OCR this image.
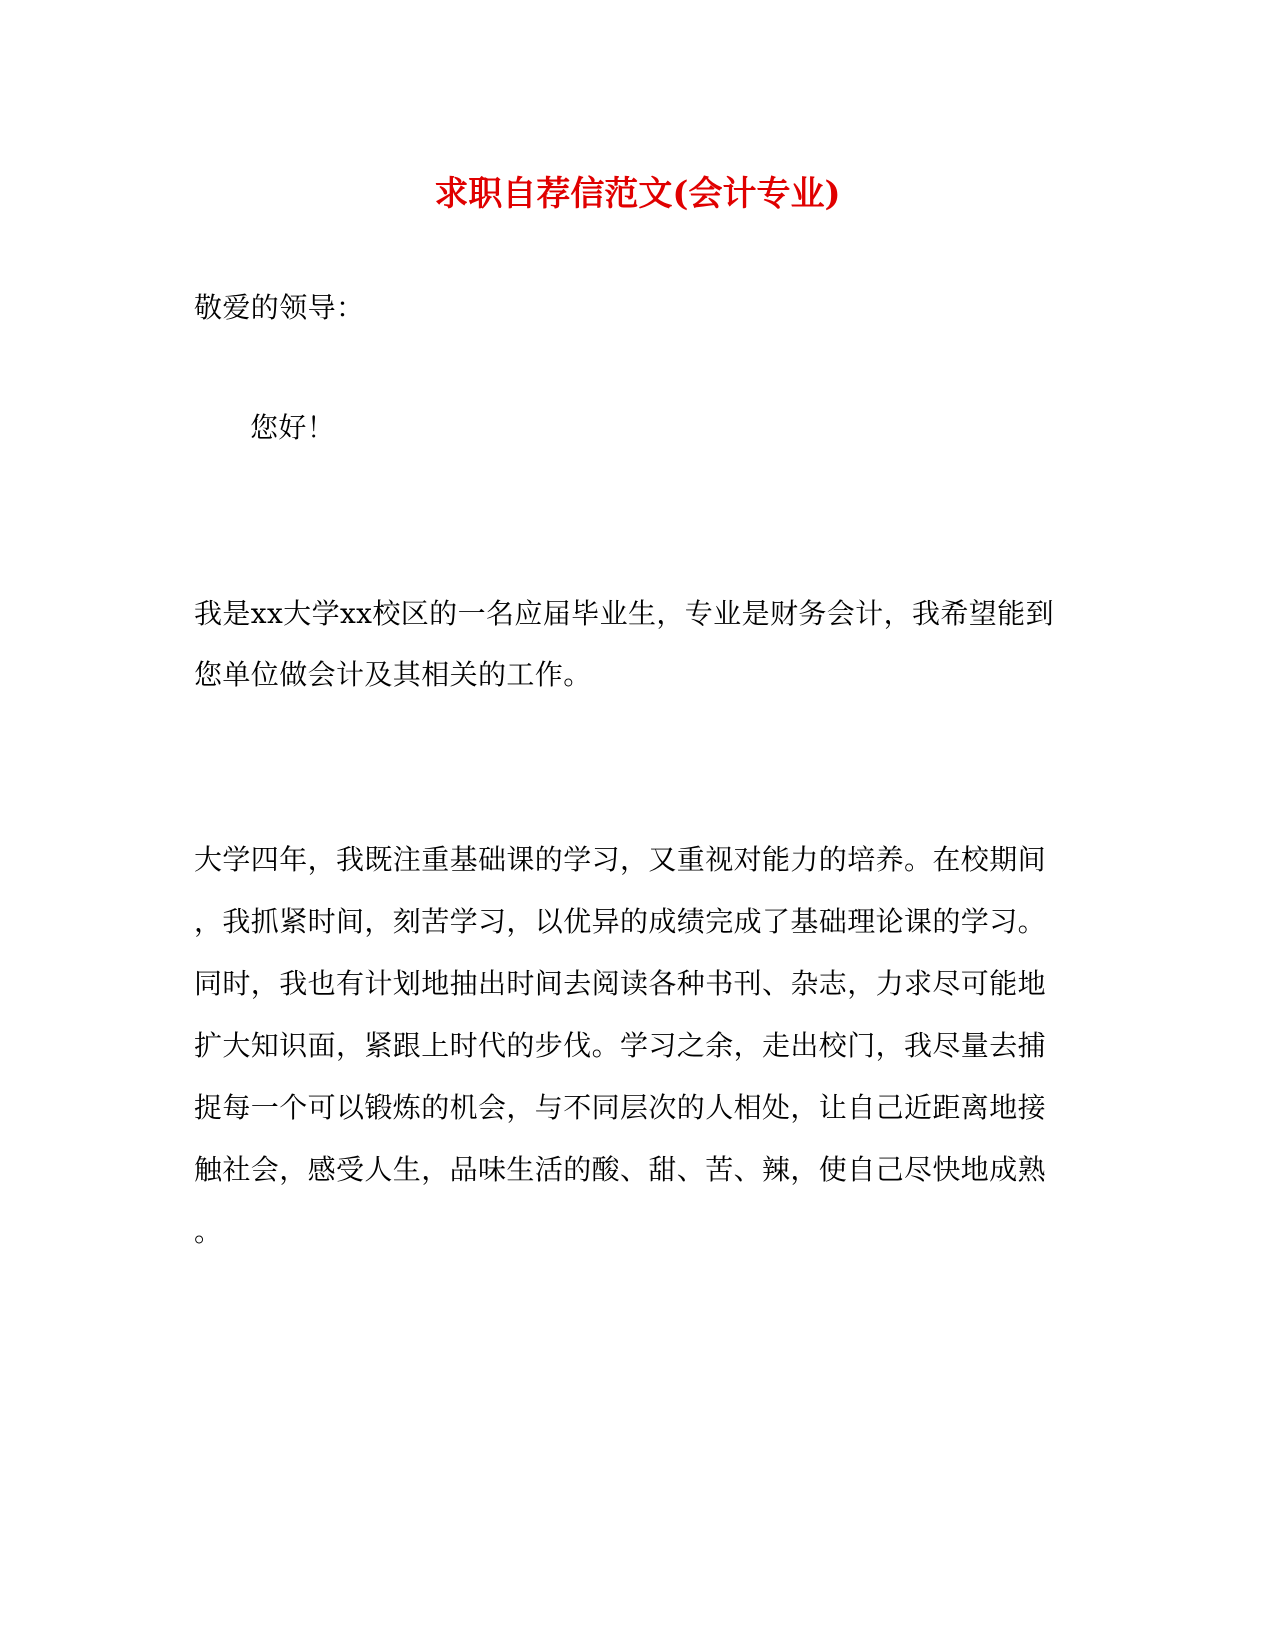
求职自荐信范文(会计专业)
敬爱的领导：
您好！
我是xx大学xx校区的一名应届毕业生，专业是财务会计，我希望能到
您单位做会计及其相关的工作。
大学四年，我既注重基础课的学习，又重视对能力的培养。在校期间
，我抓紧时间，刻苦学习，以优异的成绩完成了基础理论课的学习。
同时，我也有计划地抽出时间去阅读各种书刊、杂志，力求尽可能地
扩大知识面，紧跟上时代的步伐。学习之余，走出校门，我尽量去捕
捉每一个可以锻炼的机会，与不同层次的人相处，让自己近距离地接
触社会，感受人生，品味生活的酸、甜、苦、辣，使自己尽快地成熟
。
